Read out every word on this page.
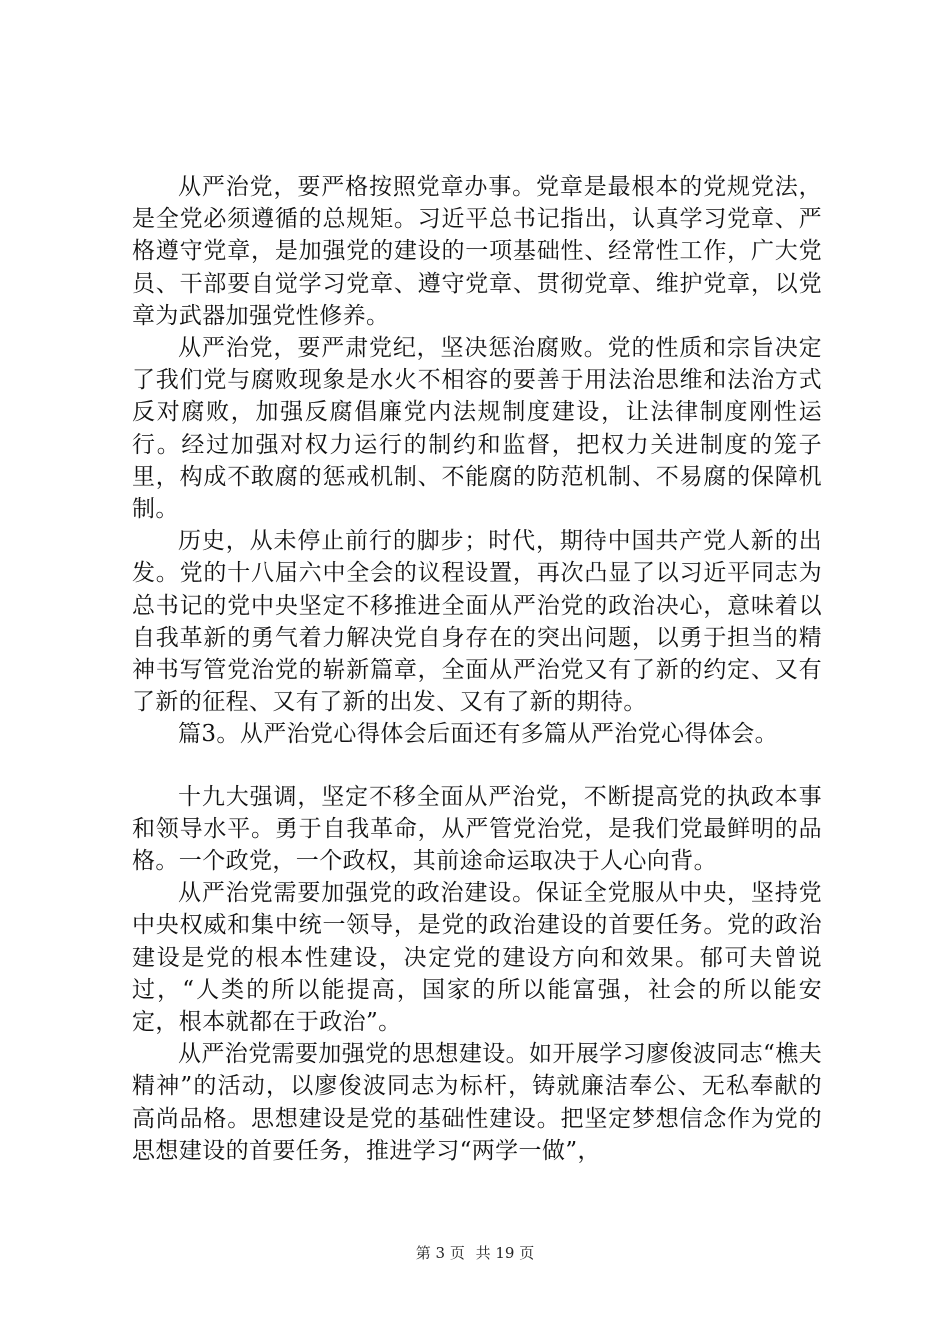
从严治党，要严格按照党章办事。党章是最根本的党规党法，是全党必须遵循的总规矩。习近平总书记指出，认真学习党章、严格遵守党章，是加强党的建设的一项基础性、经常性工作，广大党员、干部要自觉学习党章、遵守党章、贯彻党章、维护党章，以党章为武器加强党性修养。

从严治党，要严肃党纪，坚决惩治腐败。党的性质和宗旨决定了我们党与腐败现象是水火不相容的要善于用法治思维和法治方式反对腐败，加强反腐倡廉党内法规制度建设，让法律制度刚性运行。经过加强对权力运行的制约和监督，把权力关进制度的笼子里，构成不敢腐的惩戒机制、不能腐的防范机制、不易腐的保障机制。

历史，从未停止前行的脚步；时代，期待中国共产党人新的出发。党的十八届六中全会的议程设置，再次凸显了以习近平同志为总书记的党中央坚定不移推进全面从严治党的政治决心，意味着以自我革新的勇气着力解决党自身存在的突出问题，以勇于担当的精神书写管党治党的崭新篇章，全面从严治党又有了新的约定、又有了新的征程、又有了新的出发、又有了新的期待。

篇3。从严治党心得体会后面还有多篇从严治党心得体会。

十九大强调，坚定不移全面从严治党，不断提高党的执政本事和领导水平。勇于自我革命，从严管党治党，是我们党最鲜明的品格。一个政党，一个政权，其前途命运取决于人心向背。

从严治党需要加强党的政治建设。保证全党服从中央，坚持党中央权威和集中统一领导，是党的政治建设的首要任务。党的政治建设是党的根本性建设，决定党的建设方向和效果。郁可夫曾说过，“人类的所以能提高，国家的所以能富强，社会的所以能安定，根本就都在于政治”。

从严治党需要加强党的思想建设。如开展学习廖俊波同志“樵夫精神”的活动，以廖俊波同志为标杆，铸就廉洁奉公、无私奉献的高尚品格。思想建设是党的基础性建设。把坚定梦想信念作为党的思想建设的首要任务，推进学习“两学一做”，

第 3 页 共 19 页
